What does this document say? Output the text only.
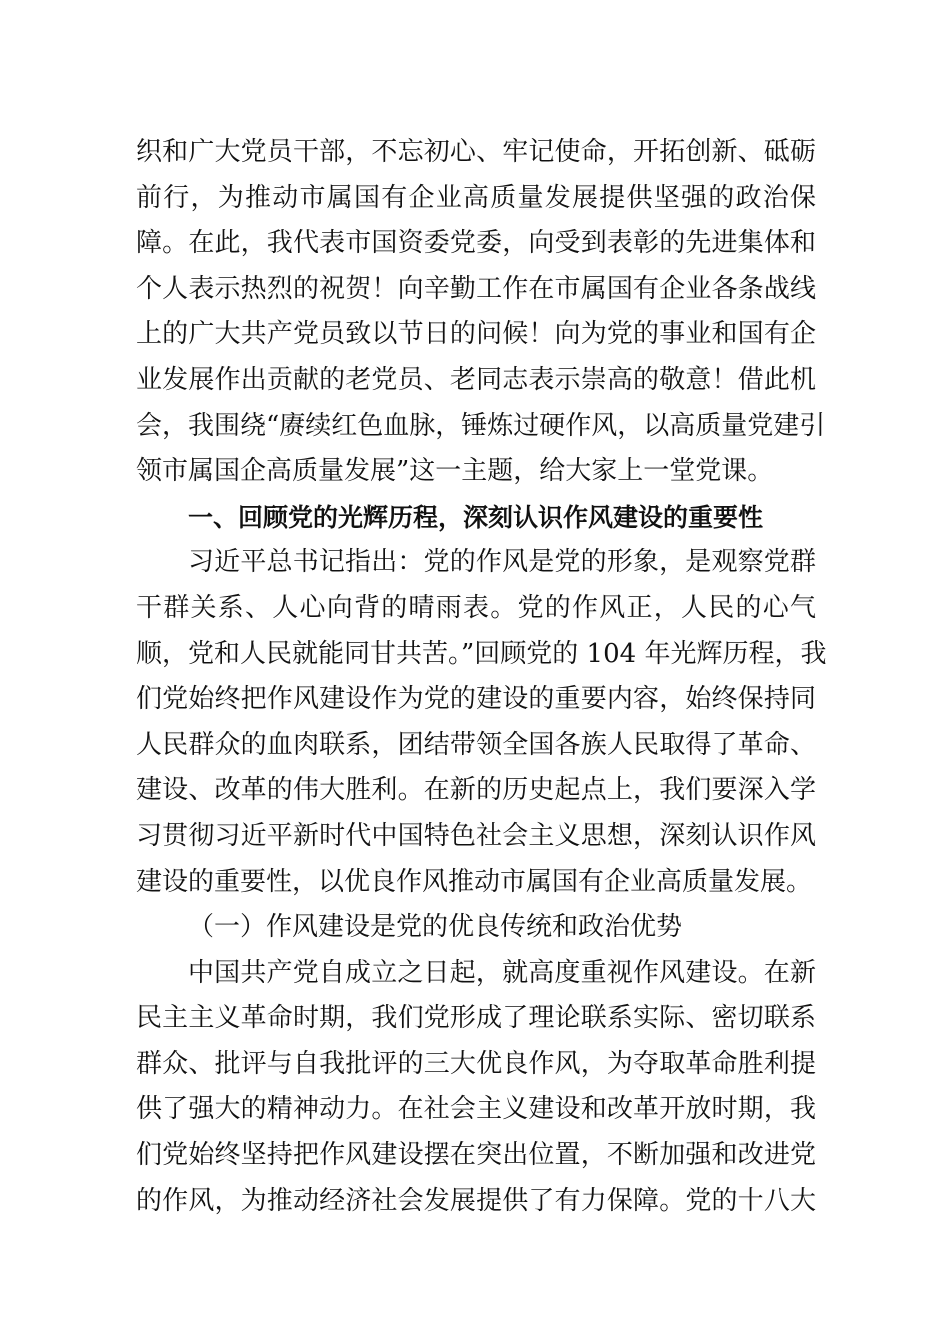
织和广大党员干部，不忘初心、牢记使命，开拓创新、砥砺
前行，为推动市属国有企业高质量发展提供坚强的政治保
障。在此，我代表市国资委党委，向受到表彰的先进集体和
个人表示热烈的祝贺！向辛勤工作在市属国有企业各条战线
上的广大共产党员致以节日的问候！向为党的事业和国有企
业发展作出贡献的老党员、老同志表示崇高的敬意！借此机
会，我围绕“赓续红色血脉，锤炼过硬作风，以高质量党建引
领市属国企高质量发展”这一主题，给大家上一堂党课。
一、回顾党的光辉历程，深刻认识作风建设的重要性
习近平总书记指出：党的作风是党的形象，是观察党群
干群关系、人心向背的晴雨表。党的作风正，人民的心气
顺，党和人民就能同甘共苦。”回顾党的 104 年光辉历程，我
们党始终把作风建设作为党的建设的重要内容，始终保持同
人民群众的血肉联系，团结带领全国各族人民取得了革命、
建设、改革的伟大胜利。在新的历史起点上，我们要深入学
习贯彻习近平新时代中国特色社会主义思想，深刻认识作风
建设的重要性，以优良作风推动市属国有企业高质量发展。
（一）作风建设是党的优良传统和政治优势
中国共产党自成立之日起，就高度重视作风建设。在新
民主主义革命时期，我们党形成了理论联系实际、密切联系
群众、批评与自我批评的三大优良作风，为夺取革命胜利提
供了强大的精神动力。在社会主义建设和改革开放时期，我
们党始终坚持把作风建设摆在突出位置，不断加强和改进党
的作风，为推动经济社会发展提供了有力保障。党的十八大
